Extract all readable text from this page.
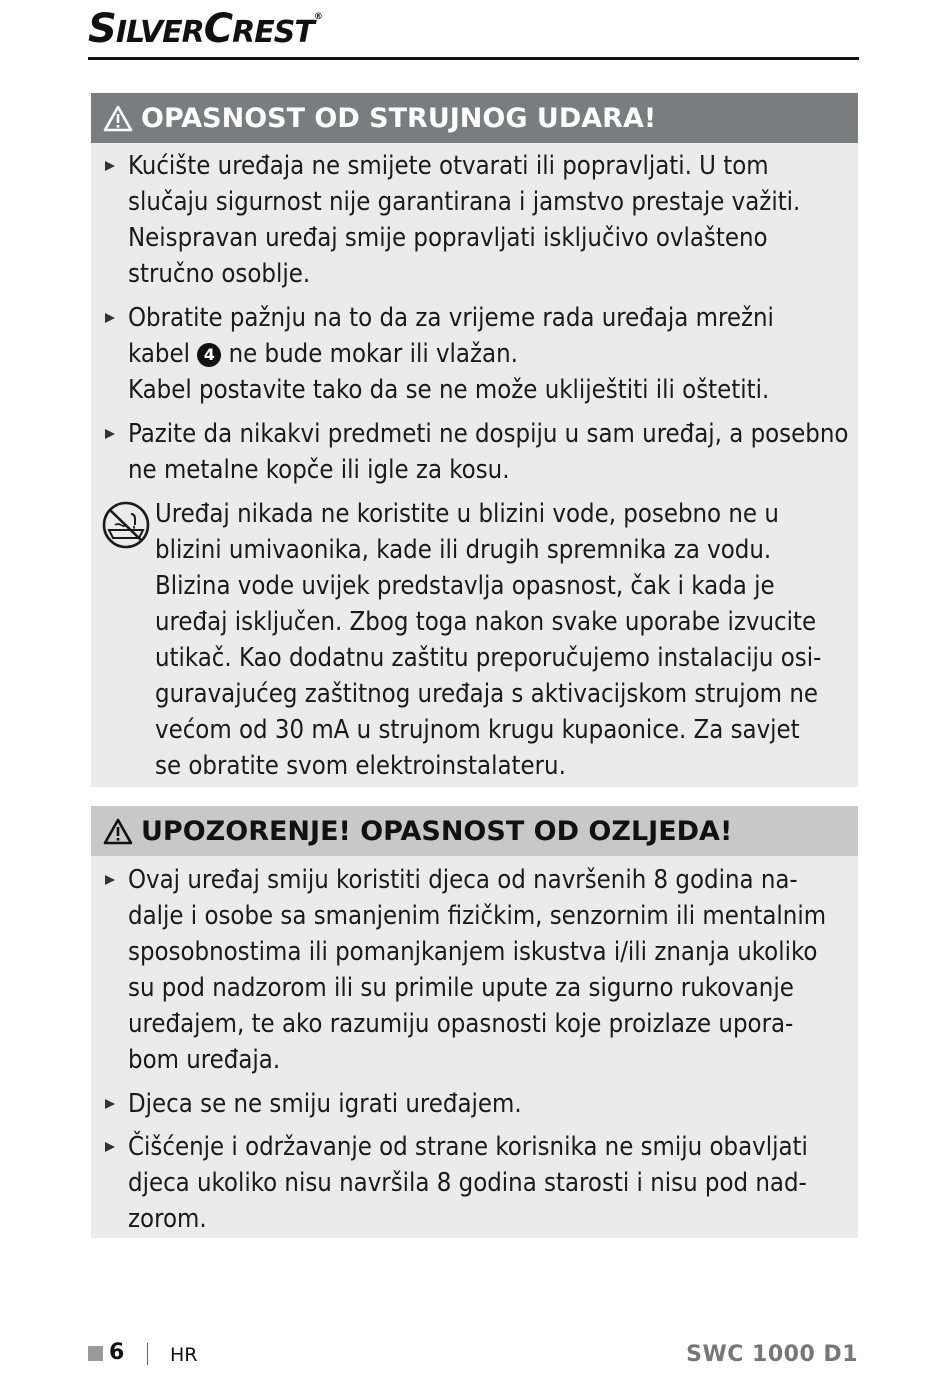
SILVERCREST®
OPASNOST OD STRUJNOG UDARA!
Kućište uređaja ne smijete otvarati ili popravljati. U tom
slučaju sigurnost nije garantirana i jamstvo prestaje važiti.
Neispravan uređaj smije popravljati isključivo ovlašteno
stručno osoblje.
Obratite pažnju na to da za vrijeme rada uređaja mrežni
kabel 4 ne bude mokar ili vlažan.
Kabel postavite tako da se ne može ukliještiti ili oštetiti.
Pazite da nikakvi predmeti ne dospiju u sam uređaj, a posebno
ne metalne kopče ili igle za kosu.
Uređaj nikada ne koristite u blizini vode, posebno ne u
blizini umivaonika, kade ili drugih spremnika za vodu.
Blizina vode uvijek predstavlja opasnost, čak i kada je
uređaj isključen. Zbog toga nakon svake uporabe izvucite
utikač. Kao dodatnu zaštitu preporučujemo instalaciju osi-
guravajućeg zaštitnog uređaja s aktivacijskom strujom ne
većom od 30 mA u strujnom krugu kupaonice. Za savjet
se obratite svom elektroinstalateru.
UPOZORENJE! OPASNOST OD OZLJEDA!
Ovaj uređaj smiju koristiti djeca od navršenih 8 godina na-
dalje i osobe sa smanjenim fizičkim, senzornim ili mentalnim
sposobnostima ili pomanjkanjem iskustva i/ili znanja ukoliko
su pod nadzorom ili su primile upute za sigurno rukovanje
uređajem, te ako razumiju opasnosti koje proizlaze upora-
bom uređaja.
Djeca se ne smiju igrati uređajem.
Čišćenje i održavanje od strane korisnika ne smiju obavljati
djeca ukoliko nisu navršila 8 godina starosti i nisu pod nad-
zorom.
6 HR	SWC 1000 D1
